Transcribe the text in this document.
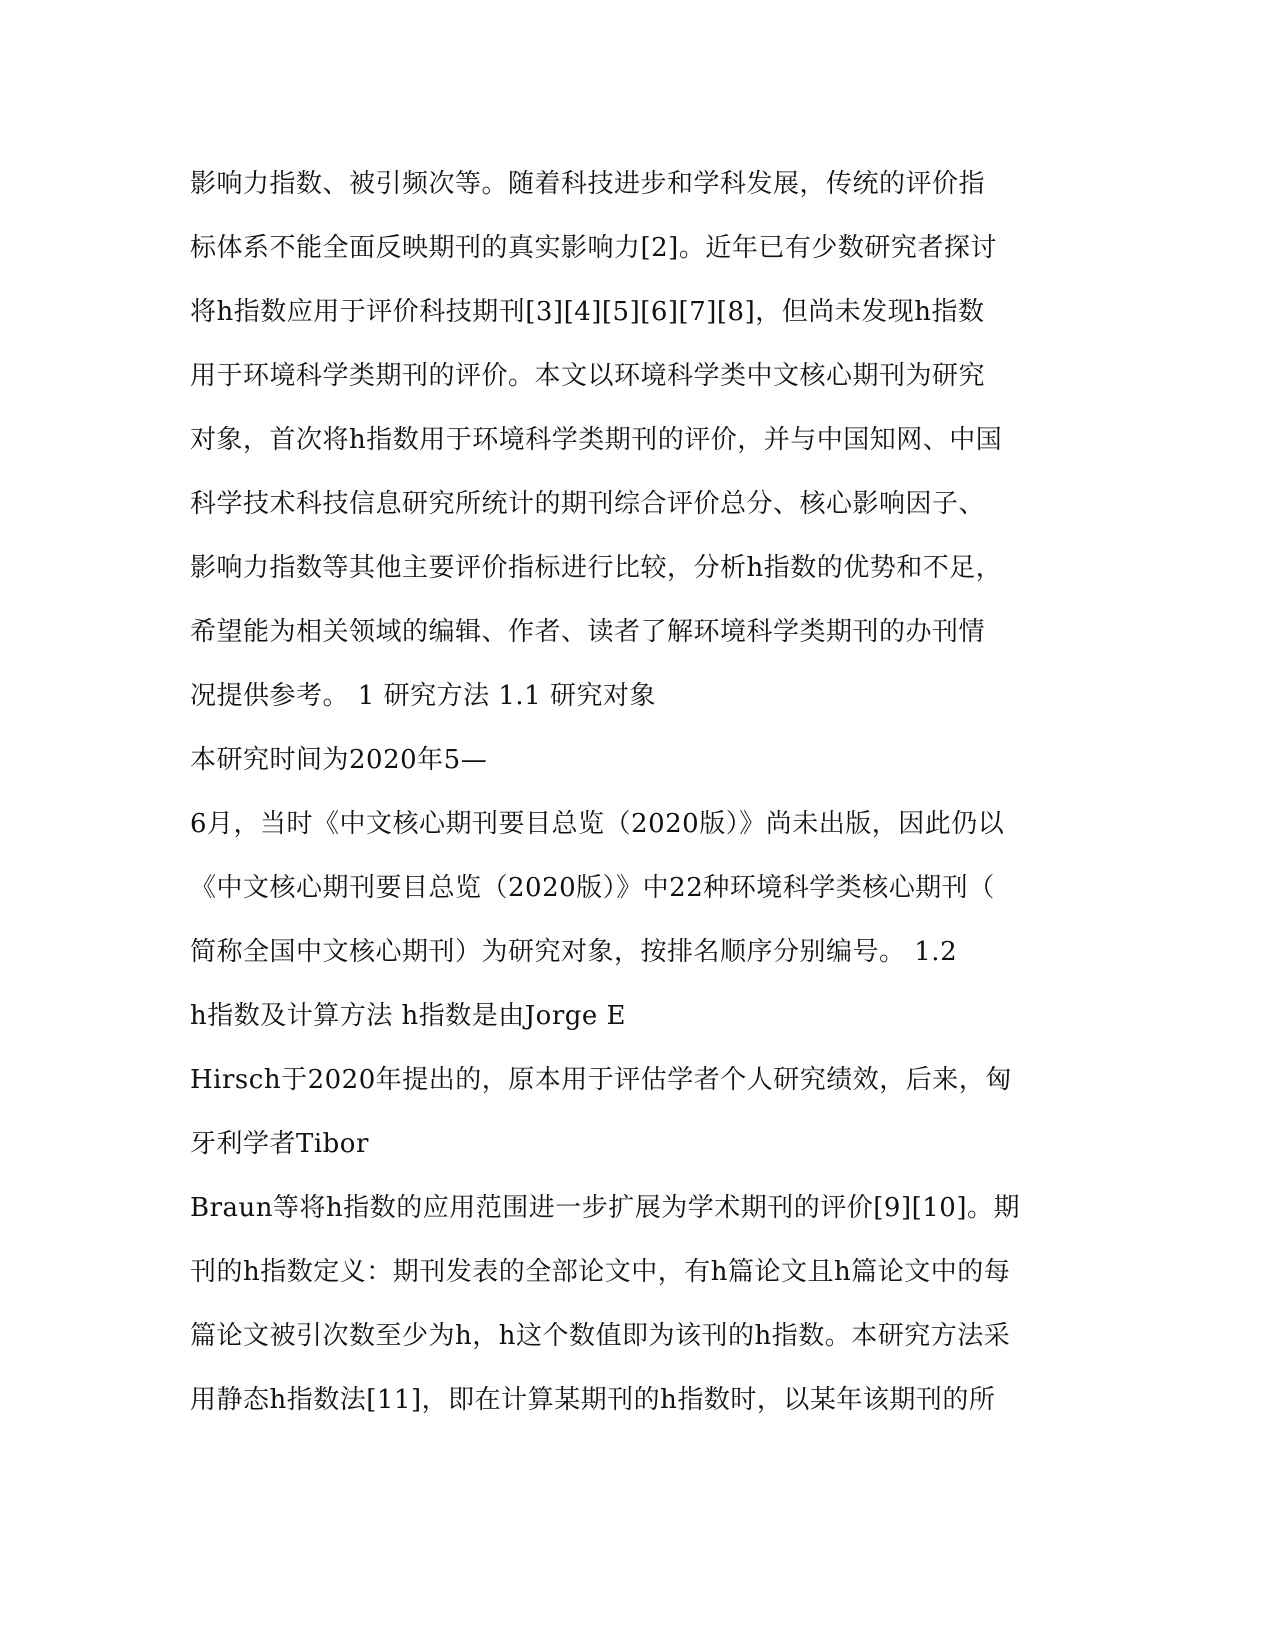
影响力指数、被引频次等。随着科技进步和学科发展，传统的评价指
标体系不能全面反映期刊的真实影响力[2]。近年已有少数研究者探讨
将h指数应用于评价科技期刊[3][4][5][6][7][8]，但尚未发现h指数
用于环境科学类期刊的评价。本文以环境科学类中文核心期刊为研究
对象，首次将h指数用于环境科学类期刊的评价，并与中国知网、中国
科学技术科技信息研究所统计的期刊综合评价总分、核心影响因子、
影响力指数等其他主要评价指标进行比较，分析h指数的优势和不足，
希望能为相关领域的编辑、作者、读者了解环境科学类期刊的办刊情
况提供参考。 1 研究方法 1.1 研究对象
本研究时间为2020年5—
6月，当时《中文核心期刊要目总览（2020版）》尚未出版，因此仍以
《中文核心期刊要目总览（2020版）》中22种环境科学类核心期刊（
简称全国中文核心期刊）为研究对象，按排名顺序分别编号。 1.2
h指数及计算方法 h指数是由Jorge E
Hirsch于2020年提出的，原本用于评估学者个人研究绩效，后来，匈
牙利学者Tibor
Braun等将h指数的应用范围进一步扩展为学术期刊的评价[9][10]。期
刊的h指数定义：期刊发表的全部论文中，有h篇论文且h篇论文中的每
篇论文被引次数至少为h，h这个数值即为该刊的h指数。本研究方法采
用静态h指数法[11]，即在计算某期刊的h指数时，以某年该期刊的所
